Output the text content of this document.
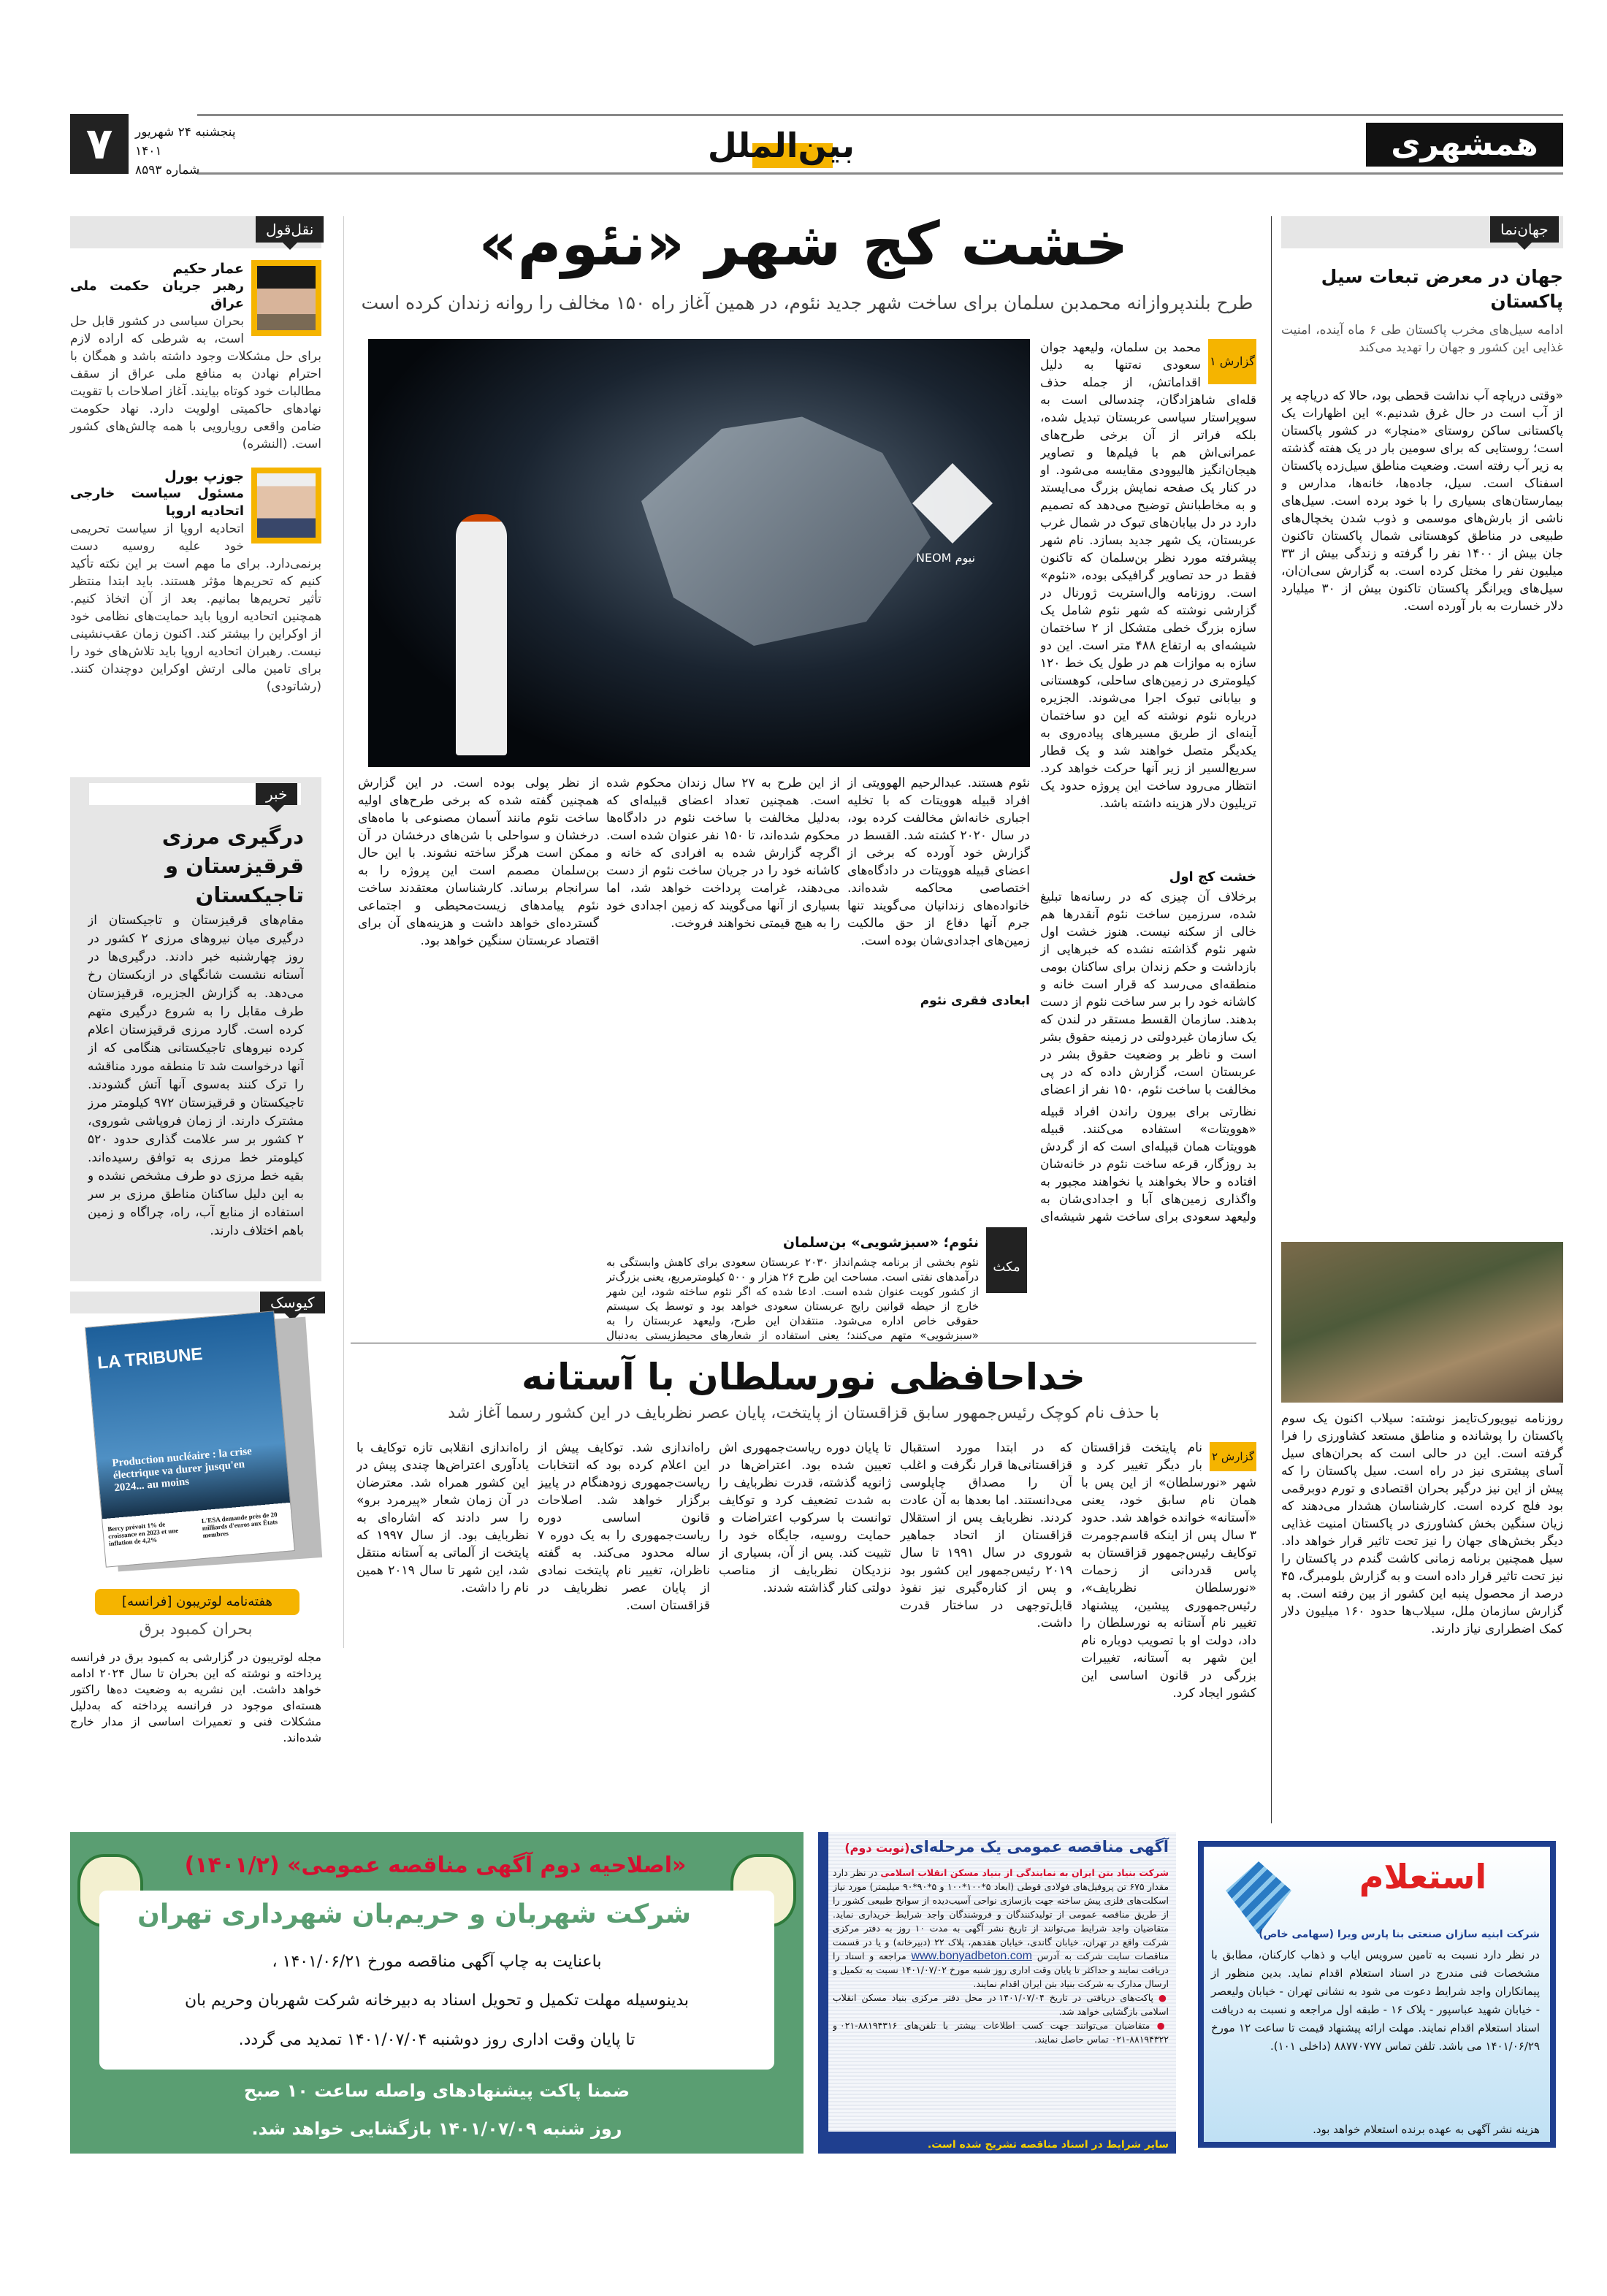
۷	پنجشنبه ۲۴ شهریور ۱۴۰۱
شماره ۸۵۹۳
بین‌الملل	همشهری
نقل‌قول
عمار حکیم
رهبر جریان حکمت ملی عراق
بحران سیاسی در کشور قابل حل است، به شرطی که اراده لازم برای حل مشکلات وجود داشته باشد و همگان با احترام نهادن به منافع ملی عراق از سقف مطالبات خود کوتاه بیایند. آغاز اصلاحات با تقویت نهادهای حاکمیتی اولویت دارد. نهاد حکومت ضامن واقعی رویارویی با همه چالش‌های کشور است. (النشره)
جوزپ بورل
مسئول سیاست خارجی اتحادیه اروپا
اتحادیه اروپا از سیاست تحریمی خود علیه روسیه دست برنمی‌دارد. برای ما مهم است بر این نکته تأکید کنیم که تحریم‌ها مؤثر هستند. باید ابتدا منتظر تأثیر تحریم‌ها بمانیم. بعد از آن اتخاذ کنیم. همچنین اتحادیه اروپا باید حمایت‌های نظامی خود از اوکراین را بیشتر کند. اکنون زمان عقب‌نشینی نیست. رهبران اتحادیه اروپا باید تلاش‌های خود را برای تامین مالی ارتش اوکراین دوچندان کنند. (رشاتودی)
خبر
درگیری مرزی قرقیزستان و تاجیکستان
مقام‌های قرقیزستان و تاجیکستان از درگیری میان نیروهای مرزی ۲ کشور در روز چهارشنبه خبر دادند. درگیری‌ها در آستانه نشست شانگهای در ازبکستان رخ می‌دهد. به گزارش الجزیره، قرقیزستان طرف مقابل را به شروع درگیری متهم کرده است. گارد مرزی قرقیزستان اعلام کرده نیروهای تاجیکستانی هنگامی که از آنها درخواست شد تا منطقه مورد مناقشه را ترک کنند به‌سوی آنها آتش گشودند. تاجیکستان و قرقیزستان ۹۷۲ کیلومتر مرز مشترک دارند. از زمان فروپاشی شوروی، ۲ کشور بر سر علامت گذاری حدود ۵۲۰ کیلومتر خط مرزی به توافق رسیده‌اند. بقیه خط مرزی دو طرف مشخص نشده و به این دلیل ساکنان مناطق مرزی بر سر استفاده از منابع آب، راه، چراگاه و زمین باهم اختلاف دارند.
کیوسک
LA TRIBUNE
Production nucléaire : la crise électrique va durer jusqu'en 2024... au moins
Bercy prévoit 1% de croissance en 2023 et une inflation de 4,2%
L'ESA demande près de 20 milliards d'euros aux États membres
هفته‌نامه لوتریبون [فرانسه]
بحران کمبود برق
مجله لوتریبون در گزارشی به کمبود برق در فرانسه پرداخته و نوشته که این بحران تا سال ۲۰۲۴ ادامه خواهد داشت. این نشریه به وضعیت ده‌ها راکتور هسته‌ای موجود در فرانسه پرداخته که به‌دلیل مشکلات فنی و تعمیرات اساسی از مدار خارج شده‌اند.
خشت کج شهر «نئوم»
طرح بلندپروازانه محمدبن سلمان برای ساخت شهر جدید نئوم، در همین آغاز راه ۱۵۰ مخالف را روانه زندان کرده است
NEOM نیوم
گزارش ۱
محمد بن سلمان، ولیعهد جوان سعودی نه‌تنها به دلیل اقداماتش، از جمله حذف قله‌ای شاهزادگان، چندسالی است به سوپراستار سیاسی عربستان تبدیل شده، بلکه فراتر از آن برخی طرح‌های عمرانی‌اش هم با فیلم‌ها و تصاویر هیجان‌انگیز هالیوودی مقایسه می‌شود. او در کنار یک صفحه نمایش بزرگ می‌ایستد و به مخاطبانش توضیح می‌دهد که تصمیم دارد در دل بیابان‌های تبوک در شمال غرب عربستان، یک شهر جدید بسازد. نام شهر پیشرفته مورد نظر بن‌سلمان که تاکنون فقط در حد تصاویر گرافیکی بوده، «نئوم» است. روزنامه وال‌استریت ژورنال در گزارشی نوشته که شهر نئوم شامل یک سازه بزرگ خطی متشکل از ۲ ساختمان شیشه‌ای به ارتفاع ۴۸۸ متر است. این دو سازه به موازات هم در طول یک خط ۱۲۰ کیلومتری در زمین‌های ساحلی، کوهستانی و بیابانی تبوک اجرا می‌شوند. الجزیره درباره نئوم نوشته که این دو ساختمان آینه‌ای از طریق مسیرهای پیاده‌روی به یکدیگر متصل خواهند شد و یک قطار سریع‌السیر از زیر آنها حرکت خواهد کرد. انتظار می‌رود ساخت این پروژه حدود یک تریلیون دلار هزینه داشته باشد.
خشت کج اول
برخلاف آن چیزی که در رسانه‌ها تبلیغ شده، سرزمین ساخت نئوم آنقدرها هم خالی از سکنه نیست. هنوز خشت اول شهر نئوم گذاشته نشده که خبرهایی از بازداشت و حکم زندان برای ساکنان بومی منطقه‌ای می‌رسد که قرار است خانه و کاشانه خود را بر سر ساخت نئوم از دست بدهند. سازمان القسط مستقر در لندن که یک سازمان غیردولتی در زمینه حقوق بشر است و ناظر بر وضعیت حقوق بشر در عربستان است، گزارش داده که در پی مخالفت با ساخت نئوم، ۱۵۰ نفر از اعضای
نظارتی برای بیرون راندن افراد قبیله «هوویتات» استفاده می‌کنند. قبیله هوویتات همان قبیله‌ای است که از گردش بد روزگار، قرعه ساخت نئوم در خانه‌شان افتاده و حالا بخواهند یا نخواهند مجبور به واگذاری زمین‌های آبا و اجدادی‌شان به ولیعهد سعودی برای ساخت شهر شیشه‌ای
نئوم هستند. عبدالرحیم الهوویتی از افراد قبیله هوویتات که با تخلیه اجباری خانه‌اش مخالفت کرده بود، در سال ۲۰۲۰ کشته شد. القسط در گزارش خود آورده که برخی از اعضای قبیله هوویتات در دادگاه‌های اختصاصی محاکمه شده‌اند. خانواده‌های زندانیان می‌گویند تنها جرم آنها دفاع از حق مالکیت زمین‌های اجدادی‌شان بوده است.
از این طرح به ۲۷ سال زندان محکوم شده است. همچنین تعداد اعضای قبیله‌ای که به‌دلیل مخالفت با ساخت نئوم در دادگاه‌ها محکوم شده‌اند، تا ۱۵۰ نفر عنوان شده است. اگرچه گزارش شده به افرادی که خانه و کاشانه خود را در جریان ساخت نئوم از دست می‌دهند، غرامت پرداخت خواهد شد، اما بسیاری از آنها می‌گویند که زمین اجدادی خود را به هیچ قیمتی نخواهند فروخت.
ابعادی فقری نئوم
از نظر پولی بوده است. در این گزارش همچنین گفته شده که برخی طرح‌های اولیه ساخت نئوم مانند آسمان مصنوعی با ماه‌های درخشان و سواحلی با شن‌های درخشان در آن ممکن است هرگز ساخته نشوند. با این حال بن‌سلمان مصمم است این پروژه را به سرانجام برساند. کارشناسان معتقدند ساخت نئوم پیامدهای زیست‌محیطی و اجتماعی گسترده‌ای خواهد داشت و هزینه‌های آن برای اقتصاد عربستان سنگین خواهد بود.
مکث
نئوم؛ «سبزشویی» بن‌سلمان
نئوم بخشی از برنامه چشم‌انداز ۲۰۳۰ عربستان سعودی برای کاهش وابستگی به درآمدهای نفتی است. مساحت این طرح ۲۶ هزار و ۵۰۰ کیلومترمربع، یعنی بزرگ‌تر از کشور کویت عنوان شده است. ادعا شده که اگر نئوم ساخته شود، این شهر خارج از حیطه قوانین رایج عربستان سعودی خواهد بود و توسط یک سیستم حقوقی خاص اداره می‌شود. منتقدان این طرح، ولیعهد عربستان را به «سبزشویی» متهم می‌کنند؛ یعنی استفاده از شعارهای محیط‌زیستی به‌دنبال
خداحافظی نورسلطان با آستانه
با حذف نام کوچک رئیس‌جمهور سابق قزاقستان از پایتخت، پایان عصر نظربایف در این کشور رسما آغاز شد
گزارش ۲
نام پایتخت قزاقستان بار دیگر تغییر کرد و شهر «نورسلطان» از این پس با همان نام سابق خود، یعنی «آستانه» خوانده خواهد شد. حدود ۳ سال پس از اینکه قاسم‌جومرت توکایف رئیس‌جمهور قزاقستان به پاس قدردانی از زحمات «نورسلطان نظربایف»، رئیس‌جمهوری پیشین، پیشنهاد تغییر نام آستانه به نورسلطان را داد، دولت او با تصویب دوباره نام این شهر به آستانه، تغییرات بزرگی در قانون اساسی این کشور ایجاد کرد.
که در ابتدا مورد استقبال قزاقستانی‌ها قرار نگرفت و اغلب آن را مصداق چاپلوسی می‌دانستند. اما بعدها به آن عادت کردند. نظربایف پس از استقلال قزاقستان از اتحاد جماهیر شوروی در سال ۱۹۹۱ تا سال ۲۰۱۹ رئیس‌جمهور این کشور بود و پس از کناره‌گیری نیز نفوذ قابل‌توجهی در ساختار قدرت داشت.
تا پایان دوره ریاست‌جمهوری اش تعیین شده بود. اعتراض‌ها در ژانویه گذشته، قدرت نظربایف را به شدت تضعیف کرد و توکایف توانست با سرکوب اعتراضات و حمایت روسیه، جایگاه خود را تثبیت کند. پس از آن، بسیاری از نزدیکان نظربایف از مناصب دولتی کنار گذاشته شدند.
راه‌اندازی شد. توکایف پیش از این اعلام کرده بود که انتخابات ریاست‌جمهوری زودهنگام در پاییز برگزار خواهد شد. اصلاحات قانون اساسی دوره ریاست‌جمهوری را به یک دوره ۷ ساله محدود می‌کند. به گفته ناظران، تغییر نام پایتخت نمادی از پایان عصر نظربایف در قزاقستان است.
راه‌اندازی انقلابی تازه توکایف با یادآوری اعتراض‌ها چندی پیش در این کشور همراه شد. معترضان در آن زمان شعار «پیرمرد برو» را سر دادند که اشاره‌ای به نظربایف بود. از سال ۱۹۹۷ که پایتخت از آلماتی به آستانه منتقل شد، این شهر تا سال ۲۰۱۹ همین نام را داشت.
جهان‌نما
جهان در معرض تبعات سیل پاکستان
ادامه سیل‌های مخرب پاکستان طی ۶ ماه آینده، امنیت غذایی این کشور و جهان را تهدید می‌کند
«وقتی دریاچه آب نداشت قحطی بود، حالا که دریاچه پر از آب است در حال غرق شدنیم.» این اظهارات یک پاکستانی ساکن روستای «منچار» در کشور پاکستان است؛ روستایی که برای سومین بار در یک هفته گذشته به زیر آب رفته است. وضعیت مناطق سیل‌زده پاکستان اسفناک است. سیل، جاده‌ها، خانه‌ها، مدارس و بیمارستان‌های بسیاری را با خود برده است. سیل‌های ناشی از بارش‌های موسمی و ذوب شدن یخچال‌های طبیعی در مناطق کوهستانی شمال پاکستان تاکنون جان بیش از ۱۴۰۰ نفر را گرفته و زندگی بیش از ۳۳ میلیون نفر را مختل کرده است. به گزارش سی‌ان‌ان، سیل‌های ویرانگر پاکستان تاکنون بیش از ۳۰ میلیارد دلار خسارت به بار آورده است.
روزنامه نیویورک‌تایمز نوشته: سیلاب اکنون یک سوم پاکستان را پوشانده و مناطق مستعد کشاورزی را فرا گرفته است. این در حالی است که بحران‌های سیل آسای پیشتری نیز در راه است. سیل پاکستان را که پیش از این نیز درگیر بحران اقتصادی و تورم دوبرقمی بود فلج کرده است. کارشناسان هشدار می‌دهند که زیان سنگین بخش کشاورزی در پاکستان امنیت غذایی دیگر بخش‌های جهان را نیز تحت تاثیر قرار خواهد داد. سیل همچنین برنامه زمانی کاشت گندم در پاکستان را نیز تحت تاثیر قرار داده است و به گزارش بلومبرگ، ۴۵ درصد از محصول پنبه این کشور از بین رفته است. به گزارش سازمان ملل، سیلاب‌ها حدود ۱۶۰ میلیون دلار کمک اضطراری نیاز دارند.
«اصلاحیه دوم آگهی مناقصه عمومی» (۱۴۰۱/۲)
شرکت شهربان و حریم‌بان شهرداری تهران
باعنایت به چاپ آگهی مناقصه مورخ ۱۴۰۱/۰۶/۲۱ ،
بدینوسیله مهلت تکمیل و تحویل اسناد به دبیرخانه شرکت شهربان وحریم بان
تا پایان وقت اداری روز دوشنبه ۱۴۰۱/۰۷/۰۴ تمدید می گردد.
ضمنا پاکت پیشنهادهای واصله ساعت ۱۰ صبح
روز شنبه ۱۴۰۱/۰۷/۰۹ بازگشایی خواهد شد.
آگهی مناقصه عمومی یک مرحله‌ای(نوبت دوم)
شرکت بنیاد بتن ایران به نمایندگی از بنیاد مسکن انقلاب اسلامی در نظر دارد مقدار ۶۷۵ تن پروفیل‌های فولادی قوطی (ابعاد ۵*۱۰۰*۱۰۰ و ۵*۹۰*۹۰ میلیمتر) مورد نیاز اسکلت‌های فلزی پیش ساخته جهت بازسازی نواحی آسیب‌دیده از سوانح طبیعی کشور را از طریق مناقصه عمومی از تولیدکنندگان و فروشندگان واجد شرایط خریداری نماید. متقاضیان واجد شرایط می‌توانند از تاریخ نشر آگهی به مدت ۱۰ روز به دفتر مرکزی شرکت واقع در تهران، خیابان گاندی، خیابان هفدهم، پلاک ۲۲ (دبیرخانه) و یا در قسمت مناقصات سایت شرکت به آدرس www.bonyadbeton.com مراجعه و اسناد را دریافت نمایند و حداکثر تا پایان وقت اداری روز شنبه مورخ ۱۴۰۱/۰۷/۰۲ نسبت به تکمیل و ارسال مدارک به شرکت بنیاد بتن ایران اقدام نمایند.
● پاکت‌های دریافتی در تاریخ ۱۴۰۱/۰۷/۰۴ در محل دفتر مرکزی بنیاد مسکن انقلاب اسلامی بازگشایی خواهد شد.
● متقاضیان می‌توانند جهت کسب اطلاعات بیشتر با تلفن‌های ۸۸۱۹۴۳۱۶-۰۲۱ و ۸۸۱۹۴۳۲۲-۰۲۱ تماس حاصل نمایند.
سایر شرایط در اسناد مناقصه تشریح شده است.
استعلام
شرکت ابنیه سازان صنعتی بنا پارس ویرا (سهامی خاص)
در نظر دارد نسبت به تامین سرویس ایاب و ذهاب کارکنان، مطابق با مشخصات فنی مندرج در اسناد استعلام اقدام نماید. بدین منظور از پیمانکاران واجد شرایط دعوت می شود به نشانی تهران - خیابان ولیعصر - خیابان شهید عباسپور - پلاک ۱۶ - طبقه اول مراجعه و نسبت به دریافت اسناد استعلام اقدام نمایند. مهلت ارائه پیشنهاد قیمت تا ساعت ۱۲ مورخ ۱۴۰۱/۰۶/۲۹ می باشد. تلفن تماس ۸۸۷۷۰۷۷۷ (داخلی ۱۰۱).
هزینه نشر آگهی به عهده برنده استعلام خواهد بود.
